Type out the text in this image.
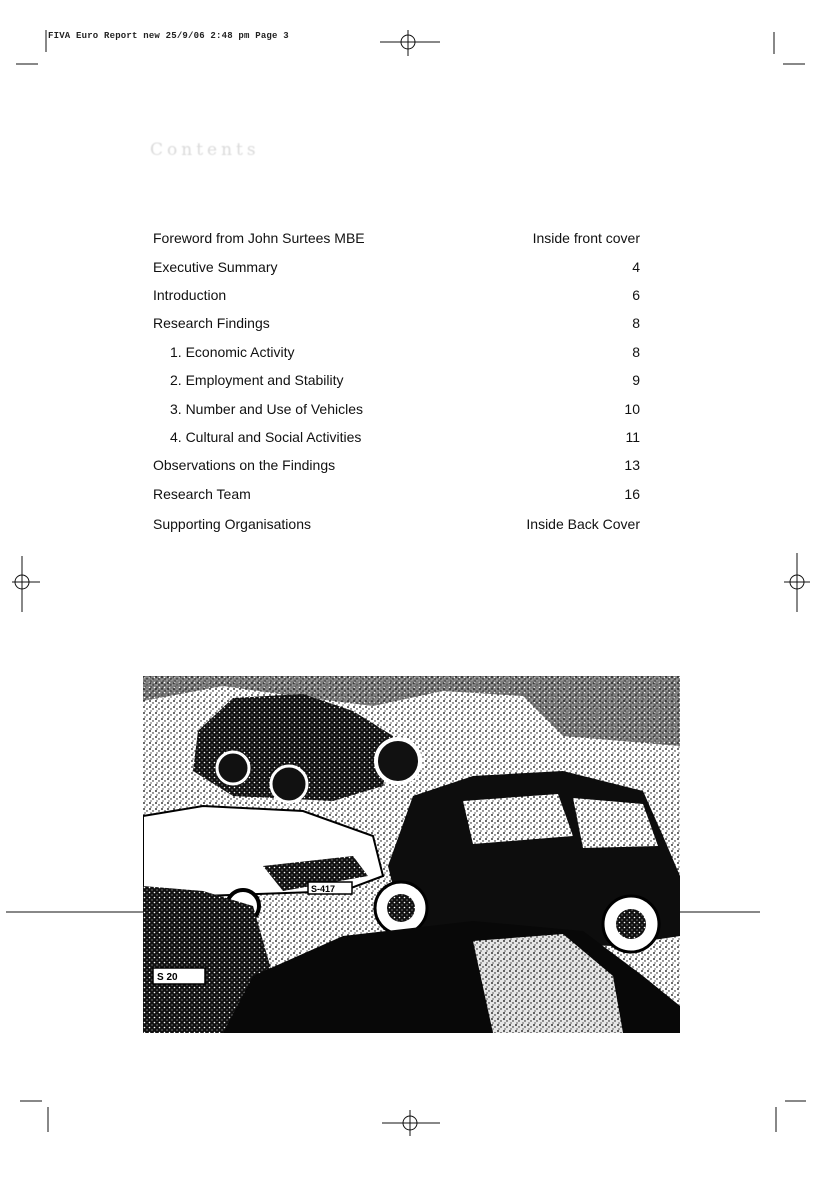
FIVA Euro Report new 25/9/06 2:48 pm Page 3
Contents
Foreword from John Surtees MBE	Inside front cover
Executive Summary	4
Introduction	6
Research Findings	8
1. Economic Activity	8
2. Employment and Stability	9
3. Number and Use of Vehicles	10
4. Cultural and Social Activities	11
Observations on the Findings	13
Research Team	16
Supporting Organisations	Inside Back Cover
S-417
S 20
